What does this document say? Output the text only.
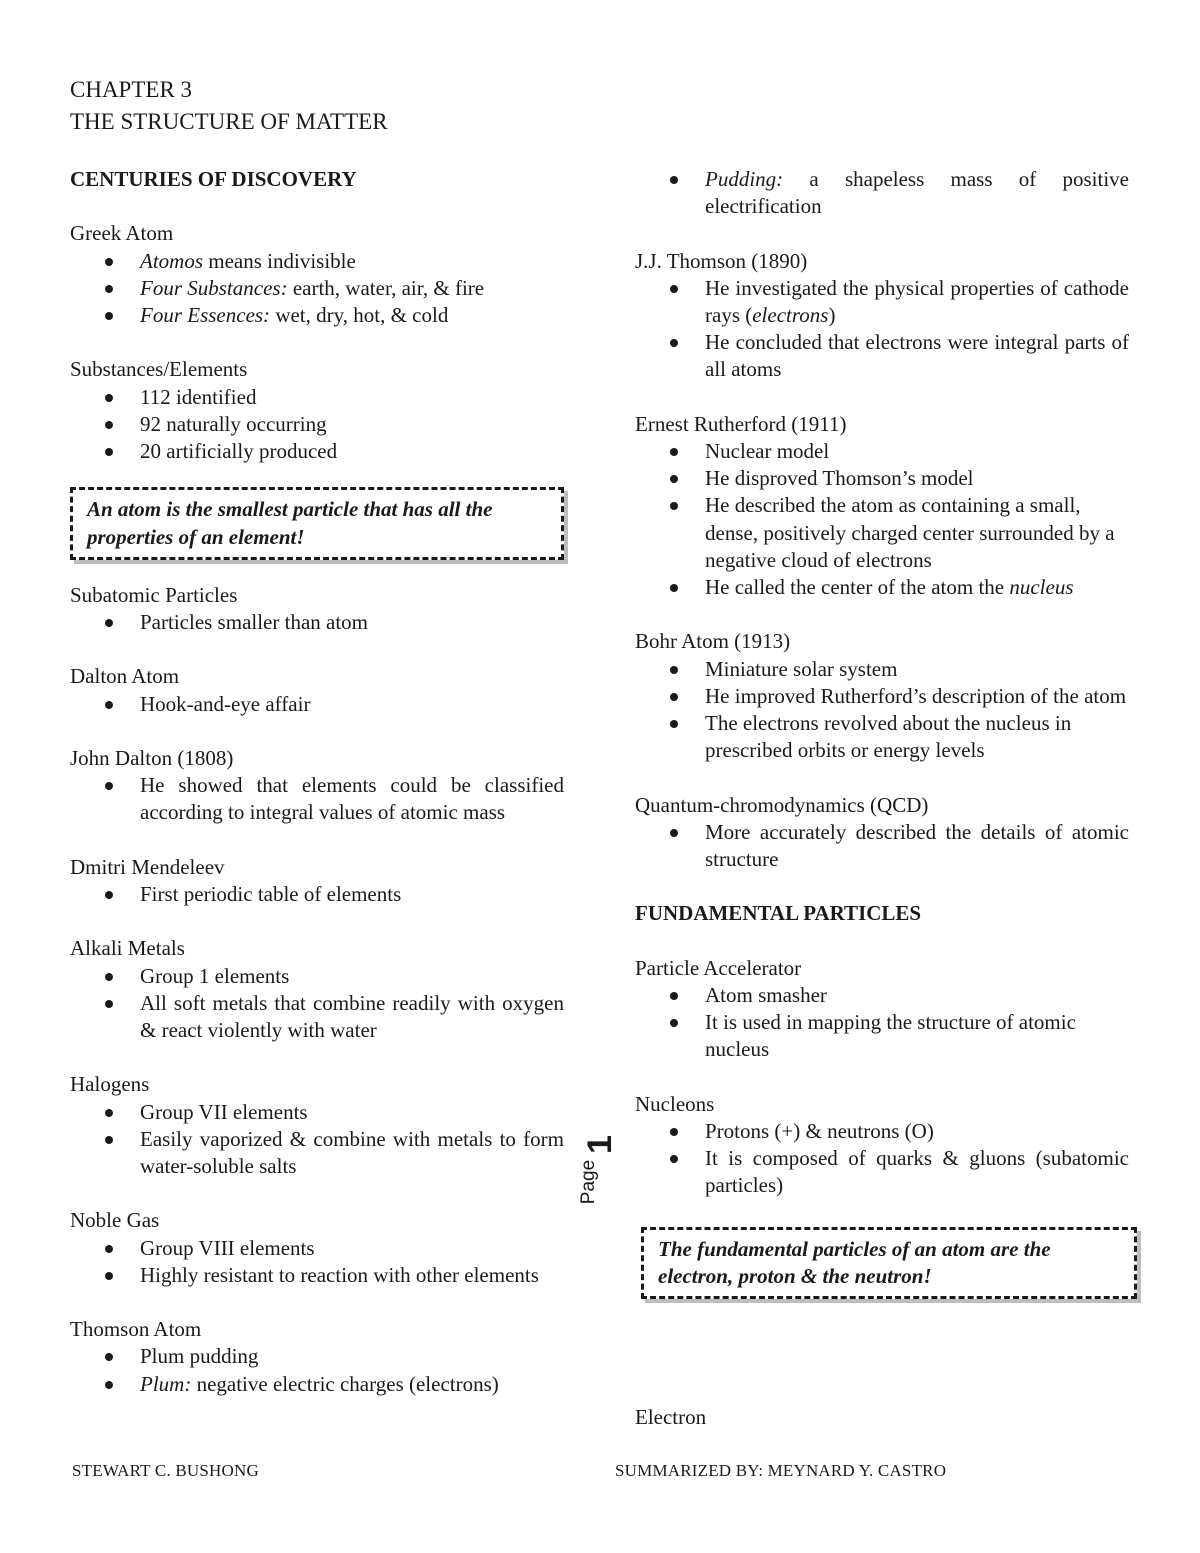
CHAPTER 3
THE STRUCTURE OF MATTER
CENTURIES OF DISCOVERY
Greek Atom
Atomos means indivisible
Four Substances: earth, water, air, & fire
Four Essences: wet, dry, hot, & cold
Substances/Elements
112 identified
92 naturally occurring
20 artificially produced
An atom is the smallest particle that has all the properties of an element!
Subatomic Particles
Particles smaller than atom
Dalton Atom
Hook-and-eye affair
John Dalton (1808)
He showed that elements could be classified according to integral values of atomic mass
Dmitri Mendeleev
First periodic table of elements
Alkali Metals
Group 1 elements
All soft metals that combine readily with oxygen & react violently with water
Halogens
Group VII elements
Easily vaporized & combine with metals to form water-soluble salts
Noble Gas
Group VIII elements
Highly resistant to reaction with other elements
Thomson Atom
Plum pudding
Plum: negative electric charges (electrons)
Pudding: a shapeless mass of positive electrification
J.J. Thomson (1890)
He investigated the physical properties of cathode rays (electrons)
He concluded that electrons were integral parts of all atoms
Ernest Rutherford (1911)
Nuclear model
He disproved Thomson’s model
He described the atom as containing a small, dense, positively charged center surrounded by a negative cloud of electrons
He called the center of the atom the nucleus
Bohr Atom (1913)
Miniature solar system
He improved Rutherford’s description of the atom
The electrons revolved about the nucleus in prescribed orbits or energy levels
Quantum-chromodynamics (QCD)
More accurately described the details of atomic structure
FUNDAMENTAL PARTICLES
Particle Accelerator
Atom smasher
It is used in mapping the structure of atomic nucleus
Nucleons
Protons (+) & neutrons (O)
It is composed of quarks & gluons (subatomic particles)
The fundamental particles of an atom are the electron, proton & the neutron!
Electron
Page
1
STEWART C. BUSHONG	SUMMARIZED BY: MEYNARD Y. CASTRO
